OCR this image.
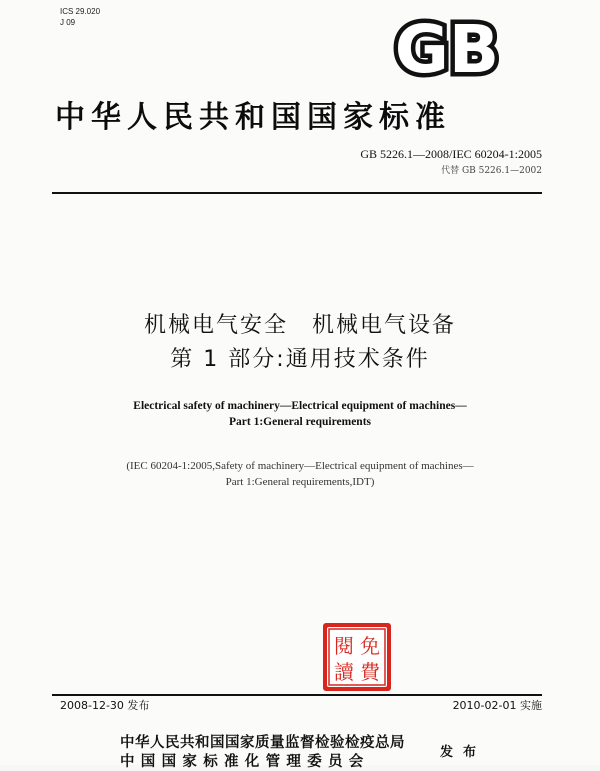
ICS 29.020
J 09	GB
中华人民共和国国家标准
GB 5226.1—2008/IEC 60204-1:2005
代替 GB 5226.1—2002
机械电气安全　机械电气设备
第 1 部分:通用技术条件
Electrical safety of machinery—Electrical equipment of machines—
Part 1:General requirements
(IEC 60204-1:2005,Safety of machinery—Electrical equipment of machines—
Part 1:General requirements,IDT)
閱 免
讀 費
2008-12-30 发布	2010-02-01 实施
中华人民共和国国家质量监督检验检疫总局
中国国家标准化管理委员会
发布
